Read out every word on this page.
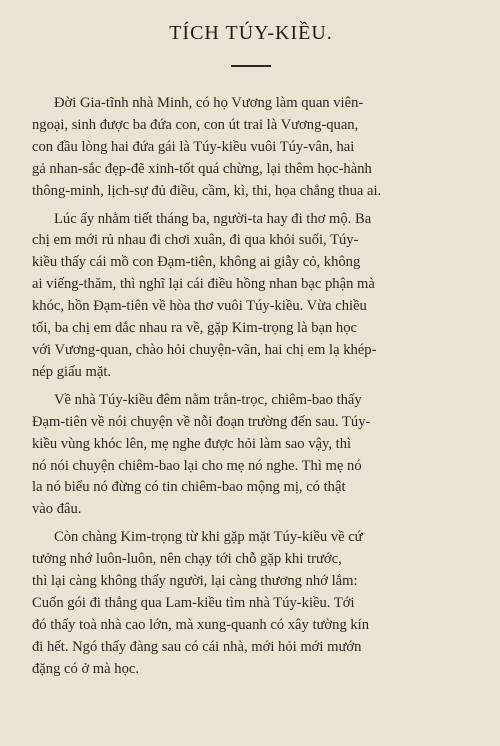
TÍCH TÚY-KIỀU.
Đời Gia-tĩnh nhà Minh, có họ Vương làm quan viên-
ngoại, sinh được ba đứa con, con út trai là Vương-quan,
con đầu lòng hai đứa gái là Túy-kiều vuôi Túy-vân, hai
gả nhan-sắc đẹp-đẽ xinh-tốt quá chừng, lại thêm học-hành
thông-minh, lịch-sự đủ điều, cầm, kì, thi, họa chẳng thua ai.
Lúc ấy nhằm tiết tháng ba, người-ta hay đi thơ mộ. Ba
chị em mới rủ nhau đi chơi xuân, đi qua khỏi suối, Túy-
kiều thấy cái mồ con Đạm-tiên, không ai giẫy cỏ, không
ai viếng-thăm, thì nghĩ lại cái điều hồng nhan bạc phận mà
khóc, hồn Đạm-tiên về hòa thơ vuôi Túy-kiều. Vừa chiều
tối, ba chị em dắc nhau ra về, gặp Kim-trọng là bạn học
với Vương-quan, chào hỏi chuyện-vãn, hai chị em lạ khép-
nép giấu mặt.
Về nhà Túy-kiều đêm nằm trằn-trọc, chiêm-bao thấy
Đạm-tiên về nói chuyện về nỗi đoạn trường đến sau. Túy-
kiều vùng khóc lên, mẹ nghe được hỏi làm sao vậy, thì
nó nói chuyện chiêm-bao lại cho mẹ nó nghe. Thì mẹ nó
la nó biểu nó đừng có tin chiêm-bao mộng mị, có thật
vào đâu.
Còn chàng Kim-trọng từ khi gặp mặt Túy-kiều về cứ
tưởng nhớ luôn-luôn, nên chạy tới chỗ gặp khi trước,
thì lại càng không thấy người, lại càng thương nhớ lắm:
Cuốn gói đi thẳng qua Lam-kiều tìm nhà Túy-kiều. Tới
đó thấy toà nhà cao lớn, mà xung-quanh có xây tường kín
đi hết. Ngó thấy đàng sau có cái nhà, mới hỏi mới mướn
đặng có ở mà học.
